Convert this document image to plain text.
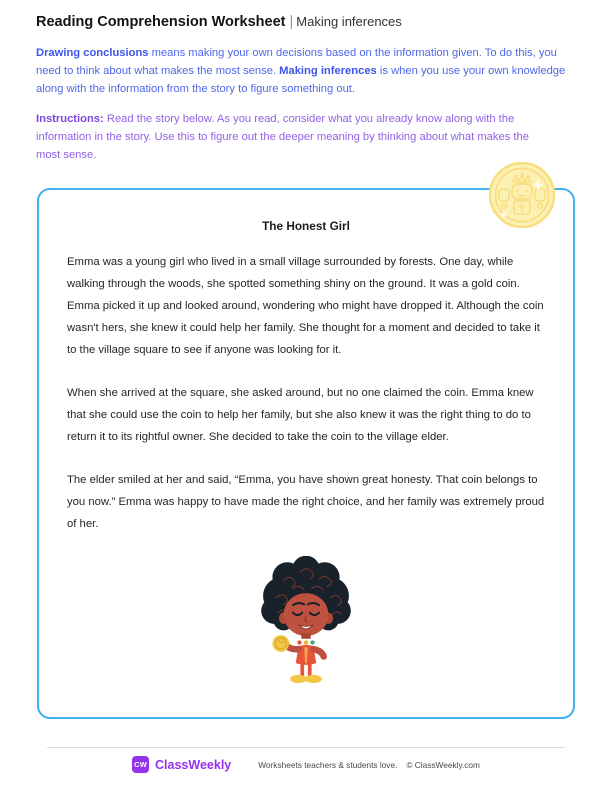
Reading Comprehension Worksheet | Making inferences
Drawing conclusions means making your own decisions based on the information given. To do this, you need to think about what makes the most sense. Making inferences is when you use your own knowledge along with the information from the story to figure something out.
Instructions: Read the story below. As you read, consider what you already know along with the information in the story. Use this to figure out the deeper meaning by thinking about what makes the most sense.
The Honest Girl

Emma was a young girl who lived in a small village surrounded by forests. One day, while walking through the woods, she spotted something shiny on the ground. It was a gold coin. Emma picked it up and looked around, wondering who might have dropped it. Although the coin wasn't hers, she knew it could help her family. She thought for a moment and decided to take it to the village square to see if anyone was looking for it.

When she arrived at the square, she asked around, but no one claimed the coin. Emma knew that she could use the coin to help her family, but she also knew it was the right thing to do to return it to its rightful owner. She decided to take the coin to the village elder.

The elder smiled at her and said, “Emma, you have shown great honesty. That coin belongs to you now.” Emma was happy to have made the right choice, and her family was extremely proud of her.

CW ClassWeekly	Worksheets teachers & students love. © ClassWeekly.com
